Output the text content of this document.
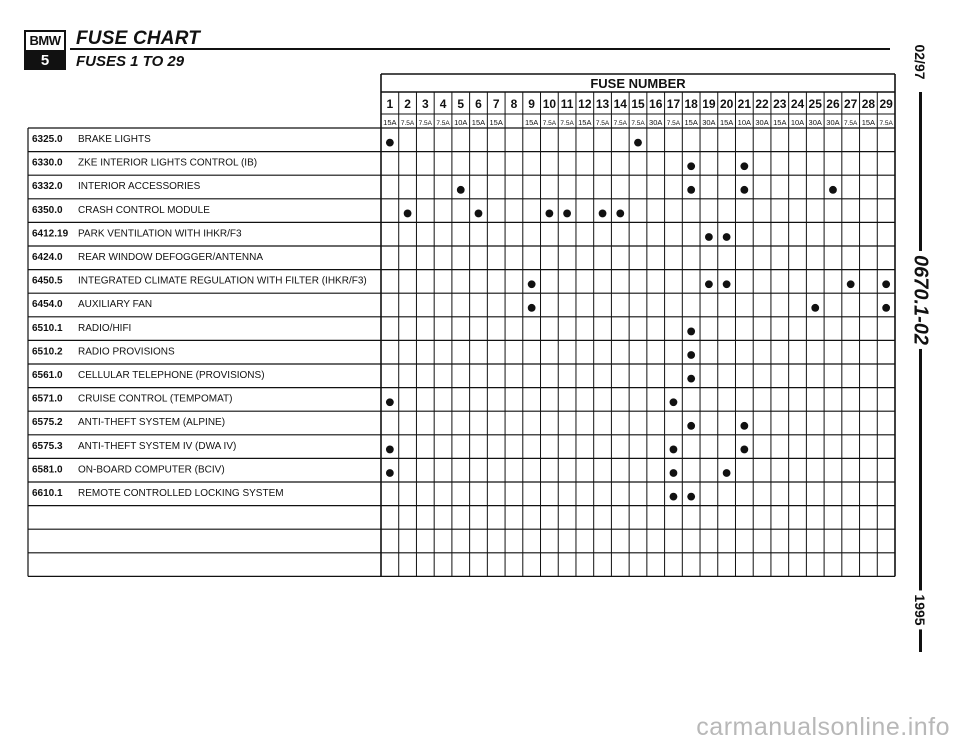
BMW
5
FUSE CHART
FUSES 1 TO 29
FUSE NUMBER
1
15A
2
7.5A
3
7.5A
4
7.5A
5
10A
6
15A
7
15A
8 9
15A
10
7.5A
11
7.5A
12
15A
13
7.5A
14
7.5A
15
7.5A
16
30A
17
7.5A
18
15A
19
30A
20
15A
21
10A
22
30A
23
15A
24
10A
25
30A
26
30A
27
7.5A
28
15A
29
7.5A
6325.0 BRAKE LIGHTS
6330.0 ZKE INTERIOR LIGHTS CONTROL (IB)
6332.0 INTERIOR ACCESSORIES
6350.0 CRASH CONTROL MODULE
6412.19 PARK VENTILATION WITH IHKR/F3
6424.0 REAR WINDOW DEFOGGER/ANTENNA
6450.5 INTEGRATED CLIMATE REGULATION WITH FILTER (IHKR/F3)
6454.0 AUXILIARY FAN
6510.1 RADIO/HIFI
6510.2 RADIO PROVISIONS
6561.0 CELLULAR TELEPHONE (PROVISIONS)
6571.0 CRUISE CONTROL (TEMPOMAT)
6575.2 ANTI-THEFT SYSTEM (ALPINE)
6575.3 ANTI-THEFT SYSTEM IV (DWA IV)
6581.0 ON-BOARD COMPUTER (BCIV)
6610.1 REMOTE CONTROLLED LOCKING SYSTEM
02/97
0670.1-02
1995
carmanualsonline.info
